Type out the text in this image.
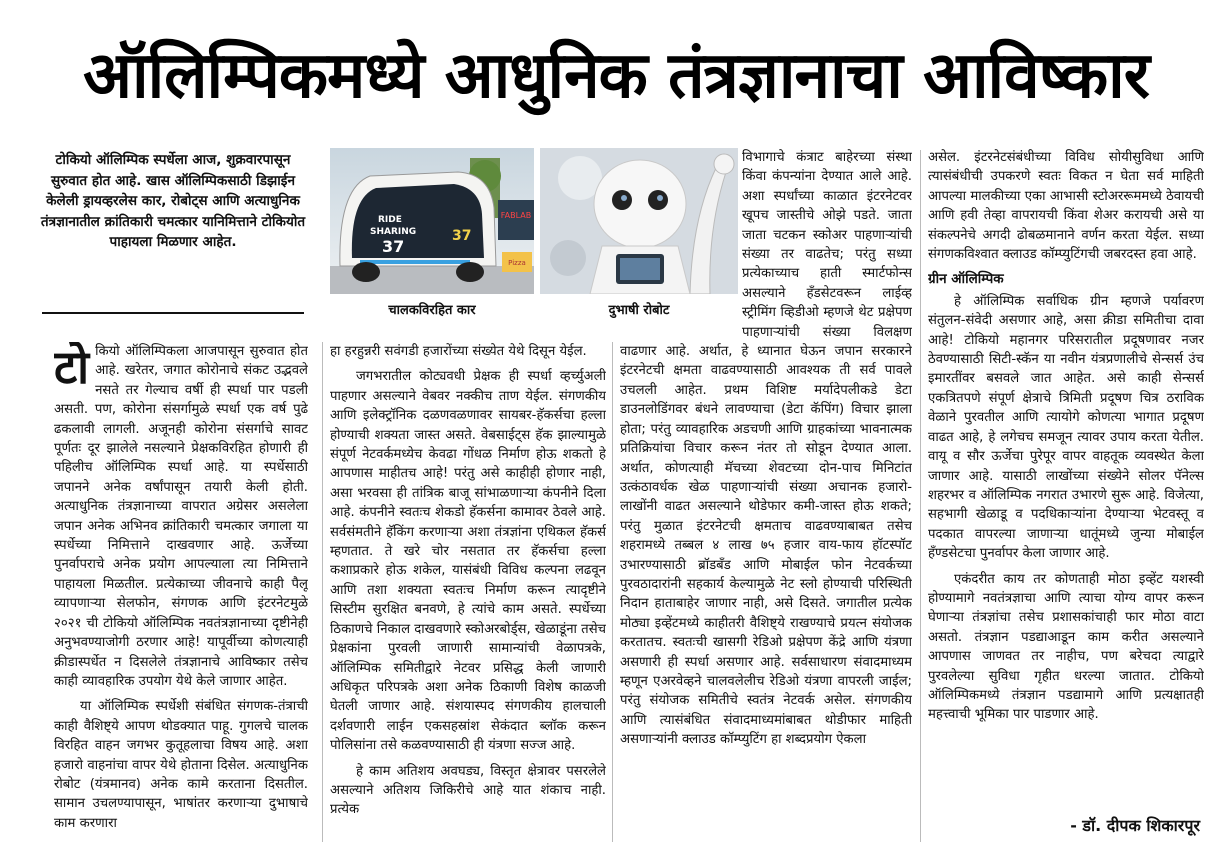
ऑलिम्पिकमध्ये आधुनिक तंत्रज्ञानाचा आविष्कार
टोकियो ऑलिम्पिक स्पर्धेला आज, शुक्रवारपासून सुरुवात होत आहे. खास ऑलिम्पिकसाठी डिझाईन केलेली ड्रायव्हरलेस कार, रोबोट्स आणि अत्याधुनिक तंत्रज्ञानातील क्रांतिकारी चमत्कार यानिमित्ताने टोकियोत पाहायला मिळणार आहेत.
FABLAB
Pizza
RIDE
SHARING
37
37
चालकविरहित कार	दुभाषी रोबोट

टोकियो ऑलिम्पिकला आजपासून सुरुवात होत आहे. खरेतर, जगात कोरोनाचे संकट उद्भवले नसते तर गेल्याच वर्षी ही स्पर्धा पार पडली असती. पण, कोरोना संसर्गामुळे स्पर्धा एक वर्ष पुढे ढकलावी लागली. अजूनही कोरोना संसर्गाचे सावट पूर्णतः दूर झालेले नसल्याने प्रेक्षकविरहित होणारी ही पहिलीच ऑलिम्पिक स्पर्धा आहे. या स्पर्धेसाठी जपानने अनेक वर्षांपासून तयारी केली होती. अत्याधुनिक तंत्रज्ञानाच्या वापरात अग्रेसर असलेला जपान अनेक अभिनव क्रांतिकारी चमत्कार जगाला या स्पर्धेच्या निमित्ताने दाखवणार आहे. ऊर्जेच्या पुनर्वापराचे अनेक प्रयोग आपल्याला त्या निमित्ताने पाहायला मिळतील. प्रत्येकाच्या जीवनाचे काही पैलू व्यापणाऱ्या सेलफोन, संगणक आणि इंटरनेटमुळे २०२१ ची टोकियो ऑलिम्पिक नवतंत्रज्ञानाच्या दृष्टीनेही अनुभवण्याजोगी ठरणार आहे! यापूर्वीच्या कोणत्याही क्रीडास्पर्धेत न दिसलेले तंत्रज्ञानाचे आविष्कार तसेच काही व्यावहारिक उपयोग येथे केले जाणार आहेत.

या ऑलिम्पिक स्पर्धेशी संबंधित संगणक-तंत्राची काही वैशिष्ट्ये आपण थोडक्यात पाहू. गुगलचे चालक विरहित वाहन जगभर कुतूहलाचा विषय आहे. अशा हजारो वाहनांचा वापर येथे होताना दिसेल. अत्याधुनिक रोबोट (यंत्रमानव) अनेक कामे करताना दिसतील. सामान उचलण्यापासून, भाषांतर करणाऱ्या दुभाषाचे काम करणारा

हा हरहुन्नरी सवंगडी हजारोंच्या संख्येत येथे दिसून येईल.

जगभरातील कोट्यवधी प्रेक्षक ही स्पर्धा व्हर्च्युअली पाहणार असल्याने वेबवर नक्कीच ताण येईल. संगणकीय आणि इलेक्ट्रॉनिक दळणवळणावर सायबर-हॅकर्सचा हल्ला होण्याची शक्यता जास्त असते. वेबसाईट्स हॅक झाल्यामुळे संपूर्ण नेटवर्कमध्येच केवढा गोंधळ निर्माण होऊ शकतो हे आपणास माहीतच आहे! परंतु असे काहीही होणार नाही, असा भरवसा ही तांत्रिक बाजू सांभाळणाऱ्या कंपनीने दिला आहे. कंपनीने स्वतःच शेकडो हॅकर्सना कामावर ठेवले आहे. सर्वसंमतीने हॅकिंग करणाऱ्या अशा तंत्रज्ञांना एथिकल हॅकर्स म्हणतात. ते खरे चोर नसतात तर हॅकर्सचा हल्ला कशाप्रकारे होऊ शकेल, यासंबंधी विविध कल्पना लढवून आणि तशा शक्यता स्वतःच निर्माण करून त्यादृष्टीने सिस्टीम सुरक्षित बनवणे, हे त्यांचे काम असते. स्पर्धेच्या ठिकाणचे निकाल दाखवणारे स्कोअरबोर्ड्स, खेळाडूंना तसेच प्रेक्षकांना पुरवली जाणारी सामान्यांची वेळापत्रके, ऑलिम्पिक समितीद्वारे नेटवर प्रसिद्ध केली जाणारी अधिकृत परिपत्रके अशा अनेक ठिकाणी विशेष काळजी घेतली जाणार आहे. संशयास्पद संगणकीय हालचाली दर्शवणारी लाईन एकसहस्रांश सेकंदात ब्लॉक करून पोलिसांना तसे कळवण्यासाठी ही यंत्रणा सज्ज आहे.

हे काम अतिशय अवघड्य, विस्तृत क्षेत्रावर पसरलेले असल्याने अतिशय जिकिरीचे आहे यात शंकाच नाही. प्रत्येक

विभागाचे कंत्राट बाहेरच्या संस्था किंवा कंपन्यांना देण्यात आले आहे. अशा स्पर्धांच्या काळात इंटरनेटवर खूपच जास्तीचे ओझे पडते. जाता जाता चटकन स्कोअर पाहणाऱ्यांची संख्या तर वाढतेच; परंतु सध्या प्रत्येकाच्याच हाती स्मार्टफोन्स असल्याने हँडसेटवरून लाईव्ह स्ट्रीमिंग व्हिडीओ म्हणजे थेट प्रक्षेपण पाहणाऱ्यांची संख्या विलक्षण वाढणार आहे. अर्थात, हे ध्यानात घेऊन जपान सरकारने इंटरनेटची क्षमता वाढवण्यासाठी आवश्यक ती सर्व पावले उचलली आहेत. प्रथम विशिष्ट मर्यादेपलीकडे डेटा डाउनलोडिंगवर बंधने लावण्याचा (डेटा कॅपिंग) विचार झाला होता; परंतु व्यावहारिक अडचणी आणि ग्राहकांच्या भावनात्मक प्रतिक्रियांचा विचार करून नंतर तो सोडून देण्यात आला. अर्थात, कोणत्याही मॅचच्या शेवटच्या दोन-पाच मिनिटांत उत्कंठावर्धक खेळ पाहणाऱ्यांची संख्या अचानक हजारो-लाखोंनी वाढत असल्याने थोडेफार कमी-जास्त होऊ शकते; परंतु मुळात इंटरनेटची क्षमताच वाढवण्याबाबत तसेच शहरामध्ये तब्बल ४ लाख ७५ हजार वाय-फाय हॉटस्पॉट उभारण्यासाठी ब्रॉडबँड आणि मोबाईल फोन नेटवर्कच्या पुरवठादारांनी सहकार्य केल्यामुळे नेट स्लो होण्याची परिस्थिती निदान हाताबाहेर जाणार नाही, असे दिसते. जगातील प्रत्येक मोठ्या इव्हेंटमध्ये काहीतरी वैशिष्ट्ये राखण्याचे प्रयत्न संयोजक करतातच. स्वतःची खासगी रेडिओ प्रक्षेपण केंद्रे आणि यंत्रणा असणारी ही स्पर्धा असणार आहे. सर्वसाधारण संवादमाध्यम म्हणून एअरवेव्हने चालवलेलीच रेडिओ यंत्रणा वापरली जाईल; परंतु संयोजक समितीचे स्वतंत्र नेटवर्क असेल. संगणकीय आणि त्यासंबंधित संवादमाध्यमांबाबत थोडीफार माहिती असणाऱ्यांनी क्लाउड कॉम्प्युटिंग हा शब्दप्रयोग ऐकला

असेल. इंटरनेटसंबंधीच्या विविध सोयीसुविधा आणि त्यासंबंधीची उपकरणे स्वतः विकत न घेता सर्व माहिती आपल्या मालकीच्या एका आभासी स्टोअररूममध्ये ठेवायची आणि हवी तेव्हा वापरायची किंवा शेअर करायची असे या संकल्पनेचे अगदी ढोबळमानाने वर्णन करता येईल. सध्या संगणकविश्वात क्लाउड कॉम्प्युटिंगची जबरदस्त हवा आहे.

ग्रीन ऑलिम्पिक

हे ऑलिम्पिक सर्वाधिक ग्रीन म्हणजे पर्यावरण संतुलन-संवेदी असणार आहे, असा क्रीडा समितीचा दावा आहे! टोकियो महानगर परिसरातील प्रदूषणावर नजर ठेवण्यासाठी सिटी-स्कॅन या नवीन यंत्रप्रणालीचे सेन्सर्स उंच इमारतींवर बसवले जात आहेत. असे काही सेन्सर्स एकत्रितपणे संपूर्ण क्षेत्राचे त्रिमिती प्रदूषण चित्र ठराविक वेळाने पुरवतील आणि त्यायोगे कोणत्या भागात प्रदूषण वाढत आहे, हे लगेचच समजून त्यावर उपाय करता येतील. वायू व सौर ऊर्जेचा पुरेपूर वापर वाहतूक व्यवस्थेत केला जाणार आहे. यासाठी लाखोंच्या संख्येने सोलर पॅनेल्स शहरभर व ऑलिम्पिक नगरात उभारणे सुरू आहे. विजेत्या, सहभागी खेळाडू व पदधिकाऱ्यांना देण्याऱ्या भेटवस्तू व पदकात वापरल्या जाणाऱ्या धातूंमध्ये जुन्या मोबाईल हँण्डसेटचा पुनर्वापर केला जाणार आहे.

एकंदरीत काय तर कोणताही मोठा इव्हेंट यशस्वी होण्यामागे नवतंत्रज्ञाचा आणि त्याचा योग्य वापर करून घेणाऱ्या तंत्रज्ञांचा तसेच प्रशासकांचाही फार मोठा वाटा असतो. तंत्रज्ञान पडद्याआडून काम करीत असल्याने आपणास जाणवत तर नाहीच, पण बरेचदा त्याद्वारे पुरवलेल्या सुविधा गृहीत धरल्या जातात. टोकियो ऑलिम्पिकमध्ये तंत्रज्ञान पडद्यामागे आणि प्रत्यक्षातही महत्त्वाची भूमिका पार पाडणार आहे.

- डॉ. दीपक शिकारपूर
